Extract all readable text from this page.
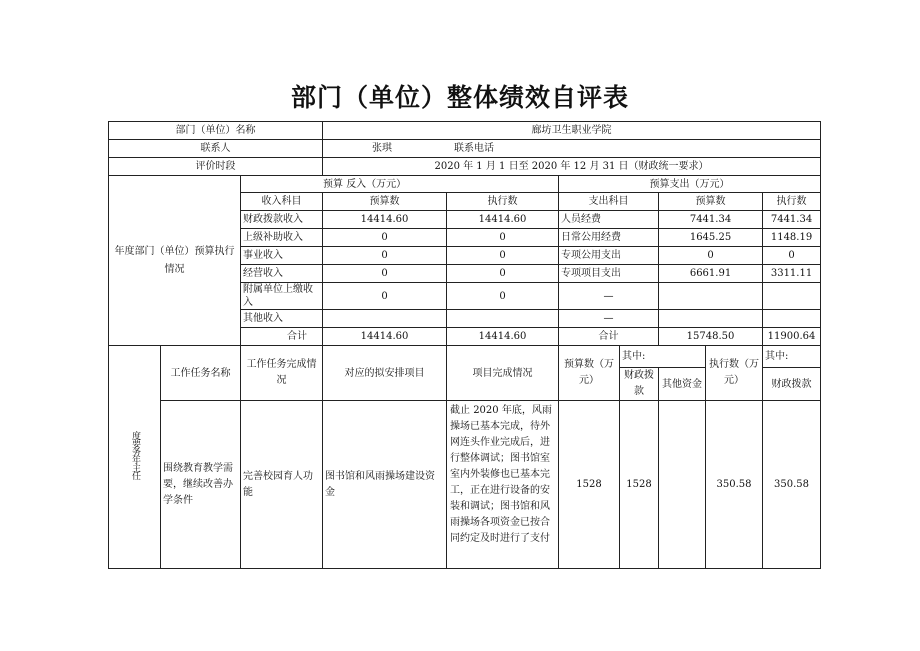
部门（单位）整体绩效自评表
部门（单位）名称			廊坊卫生职业学院						
联系人			张琪 联系电话						
评价时段			2020 年 1 月 1 日至 2020 年 12 月 31 日（财政统一要求）						
年度部门（单位）预算执行情况		预算 反入（万元）			预算支出（万元）				
		收入科目	预算数	执行数	支出科目		预算数		执行数
		财政拨款收入	14414.60	14414.60	人员经费		7441.34		7441.34
		上级补助收入	0	0	日常公用经费		1645.25		1148.19
		事业收入	0	0	专项公用支出		0		0
		经营收入	0	0	专项项目支出		6661.91		3311.11
		附属单位上缴收入	0	0	—				
		其他收入			—				
		合计	14414.60	14414.60	合计		15748.50		11900.64
度要务年主任	工作任务名称	工作任务完成情况	对应的拟安排项目	项目完成情况	预算数（万元）	其中:		执行数（万元）	其中:
						财政拨款	其他资金		财政拨款
	围绕教育教学需要，继续改善办学条件	完善校园育人功能	图书馆和风雨操场建设资金	截止 2020 年底，风雨操场已基本完成，待外网连头作业完成后，进行整体调试；图书馆室室内外装修也已基本完工，正在进行设备的安装和调试；图书馆和风雨操场各项资金已按合同约定及时进行了支付	1528	1528		350.58	350.58
